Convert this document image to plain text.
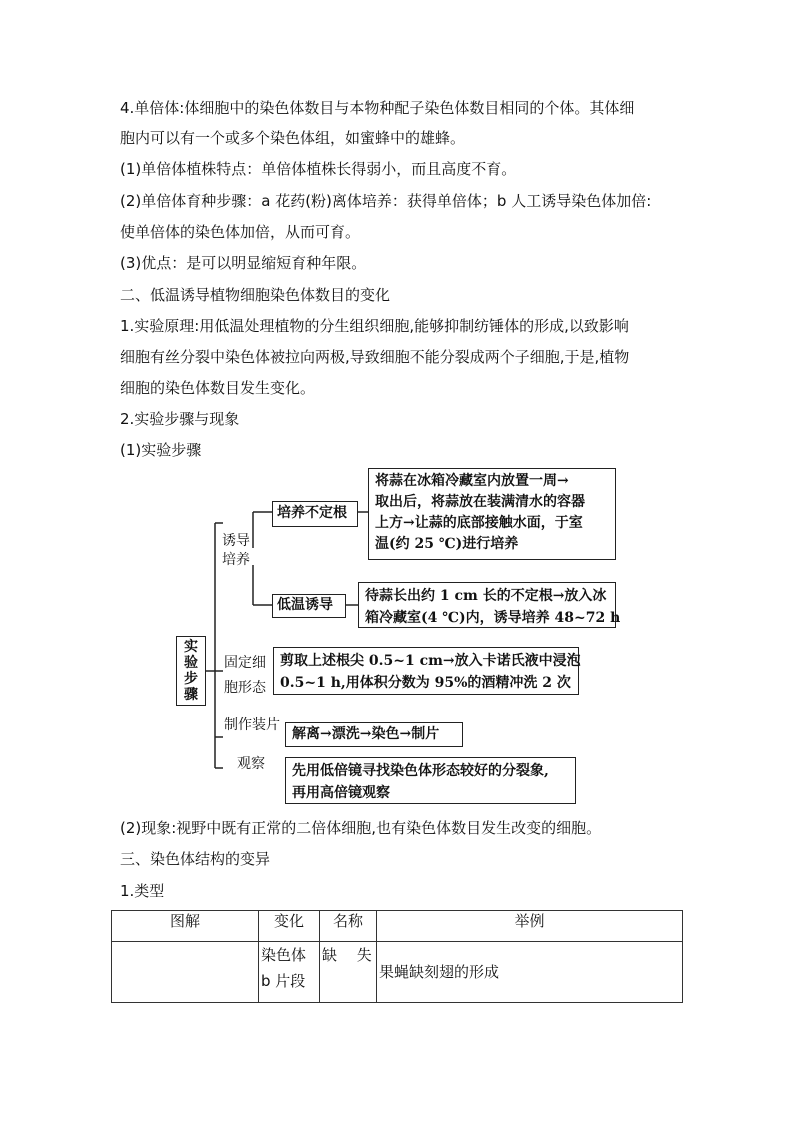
4.单倍体:体细胞中的染色体数目与本物种配子染色体数目相同的个体。其体细
胞内可以有一个或多个染色体组，如蜜蜂中的雄蜂。
(1)单倍体植株特点：单倍体植株长得弱小，而且高度不育。
(2)单倍体育种步骤：a 花药(粉)离体培养：获得单倍体；b 人工诱导染色体加倍:
使单倍体的染色体加倍，从而可育。
(3)优点：是可以明显缩短育种年限。
二、低温诱导植物细胞染色体数目的变化
1.实验原理:用低温处理植物的分生组织细胞,能够抑制纺锤体的形成,以致影响
细胞有丝分裂中染色体被拉向两极,导致细胞不能分裂成两个子细胞,于是,植物
细胞的染色体数目发生变化。
2.实验步骤与现象
(1)实验步骤
实
验
步
骤
诱导
培养
培养不定根
将蒜在冰箱冷藏室内放置一周→
取出后，将蒜放在装满清水的容器
上方→让蒜的底部接触水面，于室
温(约 25 ℃)进行培养
低温诱导
待蒜长出约 1 cm 长的不定根→放入冰
箱冷藏室(4 ℃)内，诱导培养 48~72 h
固定细
胞形态
剪取上述根尖 0.5~1 cm→放入卡诺氏液中浸泡
0.5~1 h,用体积分数为 95%的酒精冲洗 2 次
制作装片
解离→漂洗→染色→制片
观察 先用低倍镜寻找染色体形态较好的分裂象,
再用高倍镜观察
(2)现象:视野中既有正常的二倍体细胞,也有染色体数目发生改变的细胞。
三、染色体结构的变异
1.类型
图解	变化	名称	举例

	染色体
b 片段	缺　 失	果蝇缺刻翅的形成
